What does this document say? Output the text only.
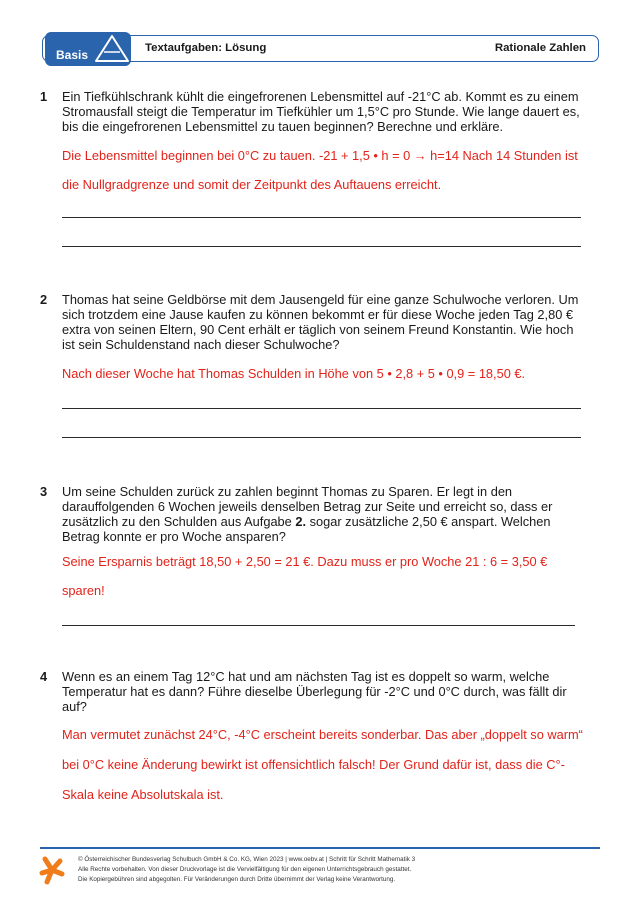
Basis	Textaufgaben: Lösung	Rationale Zahlen
1 Ein Tiefkühlschrank kühlt die eingefrorenen Lebensmittel auf -21°C ab. Kommt es zu einem
Stromausfall steigt die Temperatur im Tiefkühler um 1,5°C pro Stunde. Wie lange dauert es,
bis die eingefrorenen Lebensmittel zu tauen beginnen? Berechne und erkläre.
Die Lebensmittel beginnen bei 0°C zu tauen. -21 + 1,5 • h = 0 → h=14 Nach 14 Stunden ist
die Nullgradgrenze und somit der Zeitpunkt des Auftauens erreicht.
2 Thomas hat seine Geldbörse mit dem Jausengeld für eine ganze Schulwoche verloren. Um
sich trotzdem eine Jause kaufen zu können bekommt er für diese Woche jeden Tag 2,80 €
extra von seinen Eltern, 90 Cent erhält er täglich von seinem Freund Konstantin. Wie hoch
ist sein Schuldenstand nach dieser Schulwoche?
Nach dieser Woche hat Thomas Schulden in Höhe von 5 • 2,8 + 5 • 0,9 = 18,50 €.
3 Um seine Schulden zurück zu zahlen beginnt Thomas zu Sparen. Er legt in den
darauffolgenden 6 Wochen jeweils denselben Betrag zur Seite und erreicht so, dass er
zusätzlich zu den Schulden aus Aufgabe 2. sogar zusätzliche 2,50 € anspart. Welchen
Betrag konnte er pro Woche ansparen?
Seine Ersparnis beträgt 18,50 + 2,50 = 21 €. Dazu muss er pro Woche 21 : 6 = 3,50 €
sparen!
4 Wenn es an einem Tag 12°C hat und am nächsten Tag ist es doppelt so warm, welche
Temperatur hat es dann? Führe dieselbe Überlegung für -2°C und 0°C durch, was fällt dir
auf?
Man vermutet zunächst 24°C, -4°C erscheint bereits sonderbar. Das aber „doppelt so warm“
bei 0°C keine Änderung bewirkt ist offensichtlich falsch! Der Grund dafür ist, dass die C°-
Skala keine Absolutskala ist.
© Österreichischer Bundesverlag Schulbuch GmbH & Co. KG, Wien 2023 | www.oebv.at | Schritt für Schritt Mathematik 3
Alle Rechte vorbehalten. Von dieser Druckvorlage ist die Vervielfältigung für den eigenen Unterrichtsgebrauch gestattet.
Die Kopiergebühren sind abgegolten. Für Veränderungen durch Dritte übernimmt der Verlag keine Verantwortung.
